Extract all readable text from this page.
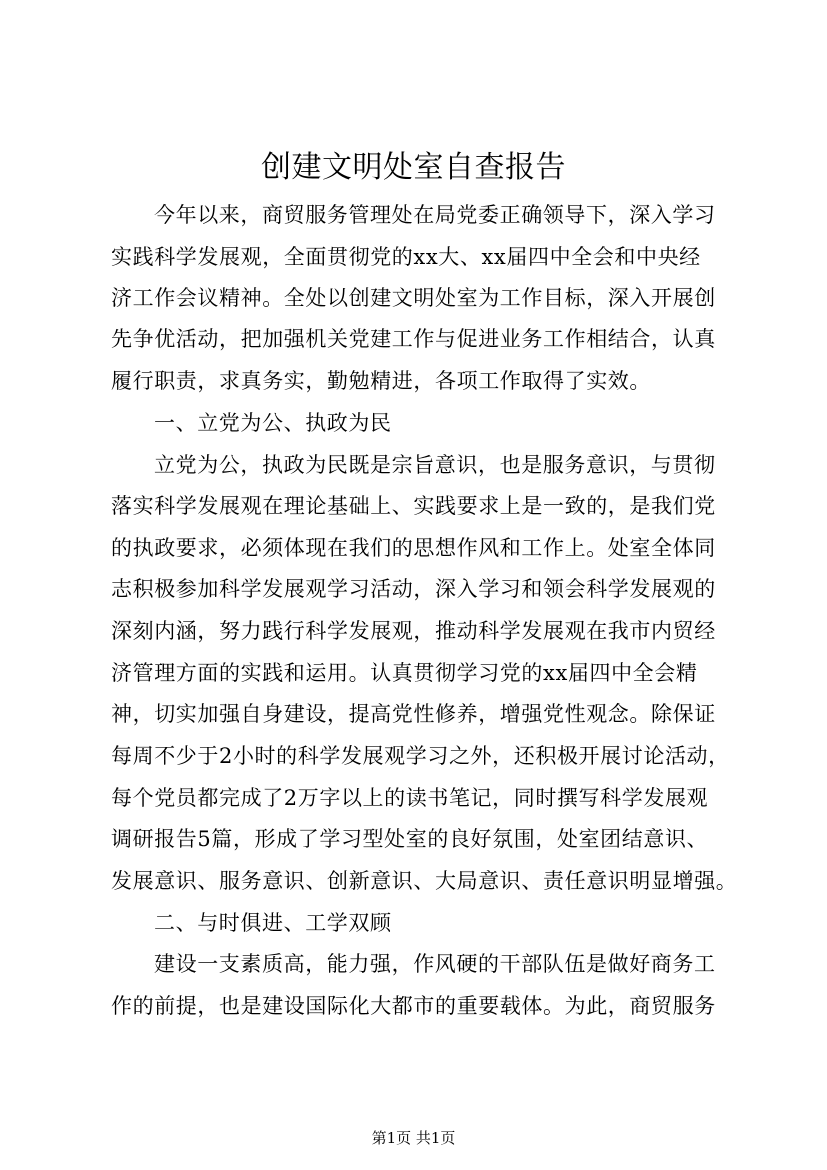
创建文明处室自查报告
今年以来，商贸服务管理处在局党委正确领导下，深入学习
实践科学发展观，全面贯彻党的xx大、xx届四中全会和中央经
济工作会议精神。全处以创建文明处室为工作目标，深入开展创
先争优活动，把加强机关党建工作与促进业务工作相结合，认真
履行职责，求真务实，勤勉精进，各项工作取得了实效。
一、立党为公、执政为民
立党为公，执政为民既是宗旨意识，也是服务意识，与贯彻
落实科学发展观在理论基础上、实践要求上是一致的，是我们党
的执政要求，必须体现在我们的思想作风和工作上。处室全体同
志积极参加科学发展观学习活动，深入学习和领会科学发展观的
深刻内涵，努力践行科学发展观，推动科学发展观在我市内贸经
济管理方面的实践和运用。认真贯彻学习党的xx届四中全会精
神，切实加强自身建设，提高党性修养，增强党性观念。除保证
每周不少于2小时的科学发展观学习之外，还积极开展讨论活动，
每个党员都完成了2万字以上的读书笔记，同时撰写科学发展观
调研报告5篇，形成了学习型处室的良好氛围，处室团结意识、
发展意识、服务意识、创新意识、大局意识、责任意识明显增强。
二、与时俱进、工学双顾
建设一支素质高，能力强，作风硬的干部队伍是做好商务工
作的前提，也是建设国际化大都市的重要载体。为此，商贸服务
第1页 共1页
